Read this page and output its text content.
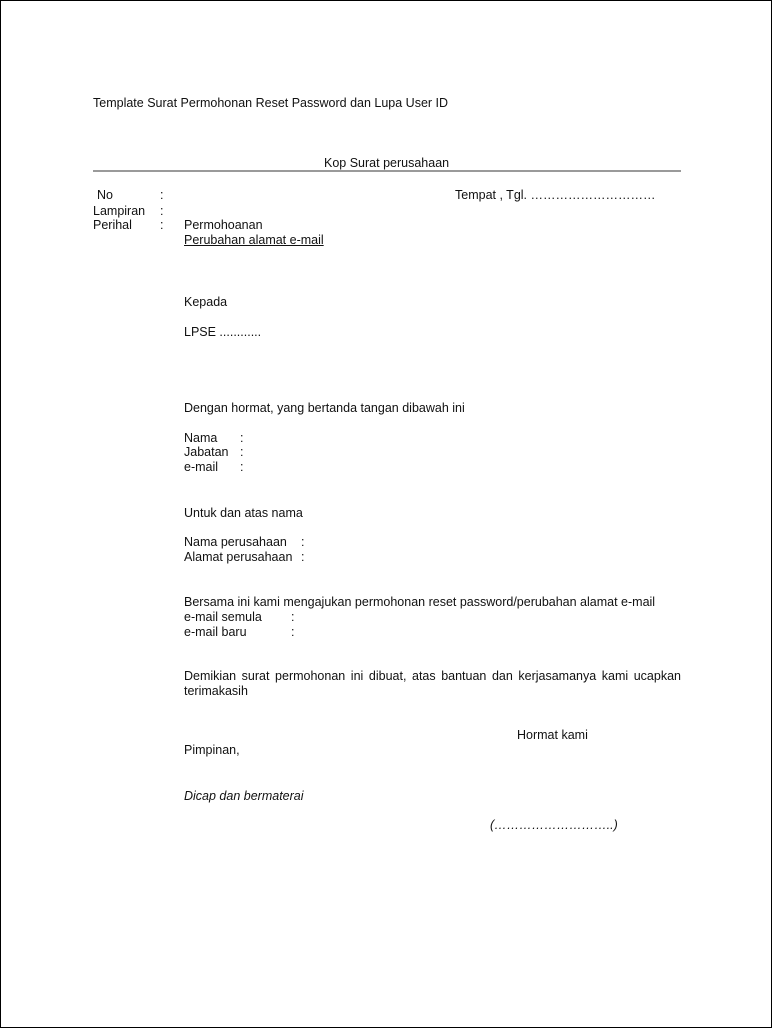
Template Surat Permohonan Reset Password dan Lupa User ID
Kop Surat perusahaan
No	:
Lampiran :
Perihal :
Tempat , Tgl. …………………………
Permohoanan
Perubahan alamat e-mail
Kepada
LPSE ............
Dengan hormat, yang bertanda tangan dibawah ini
Nama :
Jabatan :
e-mail :
Untuk dan atas nama
Nama perusahaan :
Alamat perusahaan :
Bersama ini kami mengajukan permohonan reset password/perubahan alamat e-mail
e-mail semula :
e-mail baru	:
Demikian surat permohonan ini dibuat, atas bantuan dan kerjasamanya kami ucapkan terimakasih
Hormat kami
Pimpinan,
Dicap dan bermaterai
(………………………..)
